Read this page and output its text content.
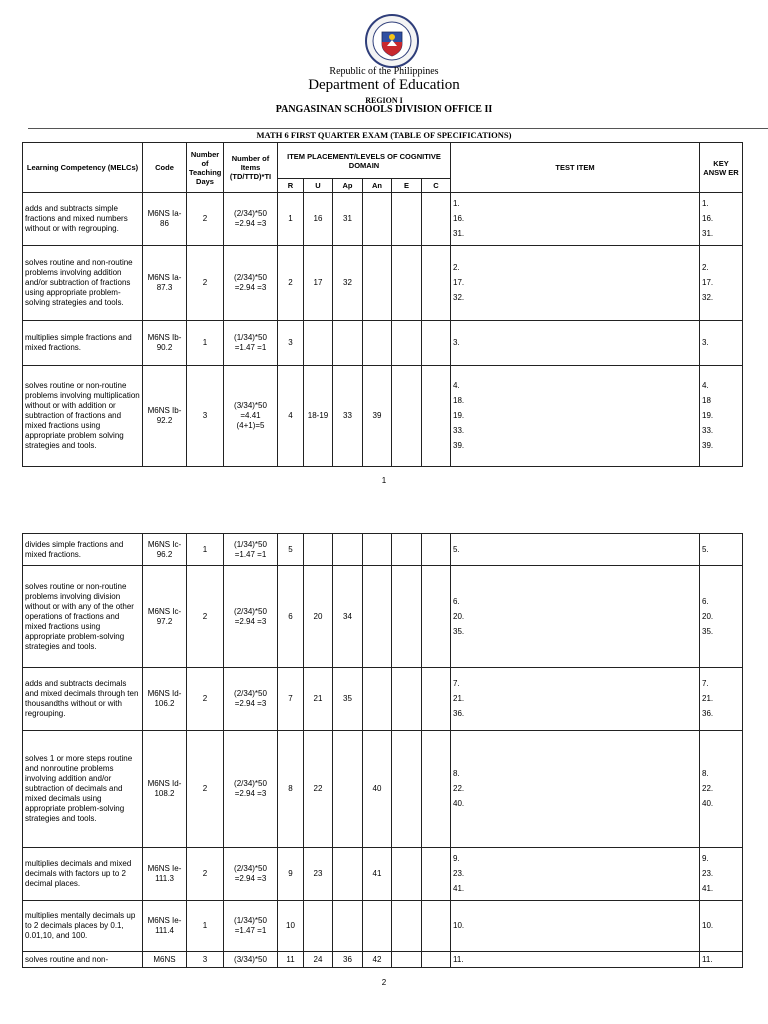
Republic of the Philippines
Department of Education
REGION I
PANGASINAN SCHOOLS DIVISION OFFICE II
MATH 6 FIRST QUARTER EXAM (TABLE OF SPECIFICATIONS)
Learning Competency (MELCs)	Code	Number of Teaching Days	Number of Items (TD/TTD)*TI	ITEM PLACEMENT/LEVELS OF COGNITIVE DOMAIN						TEST ITEM	KEY ANSW ER
				R	U	Ap	An	E	C		
adds and subtracts simple fractions and mixed numbers without or with regrouping.	M6NS Ia-86	2	(2/34)*50 =2.94 =3	1	16	31				1.
16.
31.	1.
16.
31.

solves routine and non-routine problems involving addition and/or subtraction of fractions using appropriate problem-solving strategies and tools.	M6NS Ia-87.3	2	(2/34)*50 =2.94 =3	2	17	32				2.
17.
32.	2.
17.
32.

multiplies simple fractions and mixed fractions.	M6NS Ib-90.2	1	(1/34)*50 =1.47 =1	3						3.	3.

solves routine or non-routine problems involving multiplication without or with addition or subtraction of fractions and mixed fractions using appropriate problem solving strategies and tools.	M6NS Ib-92.2	3	(3/34)*50 =4.41 (4+1)=5	4	18-19	33	39			4.
18.
19.
33.
39.	4.
18
19.
33.
39.
1
divides simple fractions and mixed fractions.	M6NS Ic-96.2	1	(1/34)*50 =1.47 =1	5						5.	5.

solves routine or non-routine problems involving division without or with any of the other operations of fractions and mixed fractions using appropriate problem-solving strategies and tools.	M6NS Ic-97.2	2	(2/34)*50 =2.94 =3	6	20	34				6.
20.
35.	6.
20.
35.

adds and subtracts decimals and mixed decimals through ten thousandths without or with regrouping.	M6NS Id-106.2	2	(2/34)*50 =2.94 =3	7	21	35				7.
21.
36.	7.
21.
36.

solves 1 or more steps routine and nonroutine problems involving addition and/or subtraction of decimals and mixed decimals using appropriate problem-solving strategies and tools.	M6NS Id-108.2	2	(2/34)*50 =2.94 =3	8	22		40			8.
22.
40.	8.
22.
40.

multiplies decimals and mixed decimals with factors up to 2 decimal places.	M6NS Ie-111.3	2	(2/34)*50 =2.94 =3	9	23		41			9.
23.
41.	9.
23.
41.

multiplies mentally decimals up to 2 decimals places by 0.1, 0.01,10, and 100.	M6NS Ie-111.4	1	(1/34)*50 =1.47 =1	10						10.	10.

solves routine and non-	M6NS	3	(3/34)*50	11	24	36	42			11.	11.
2
